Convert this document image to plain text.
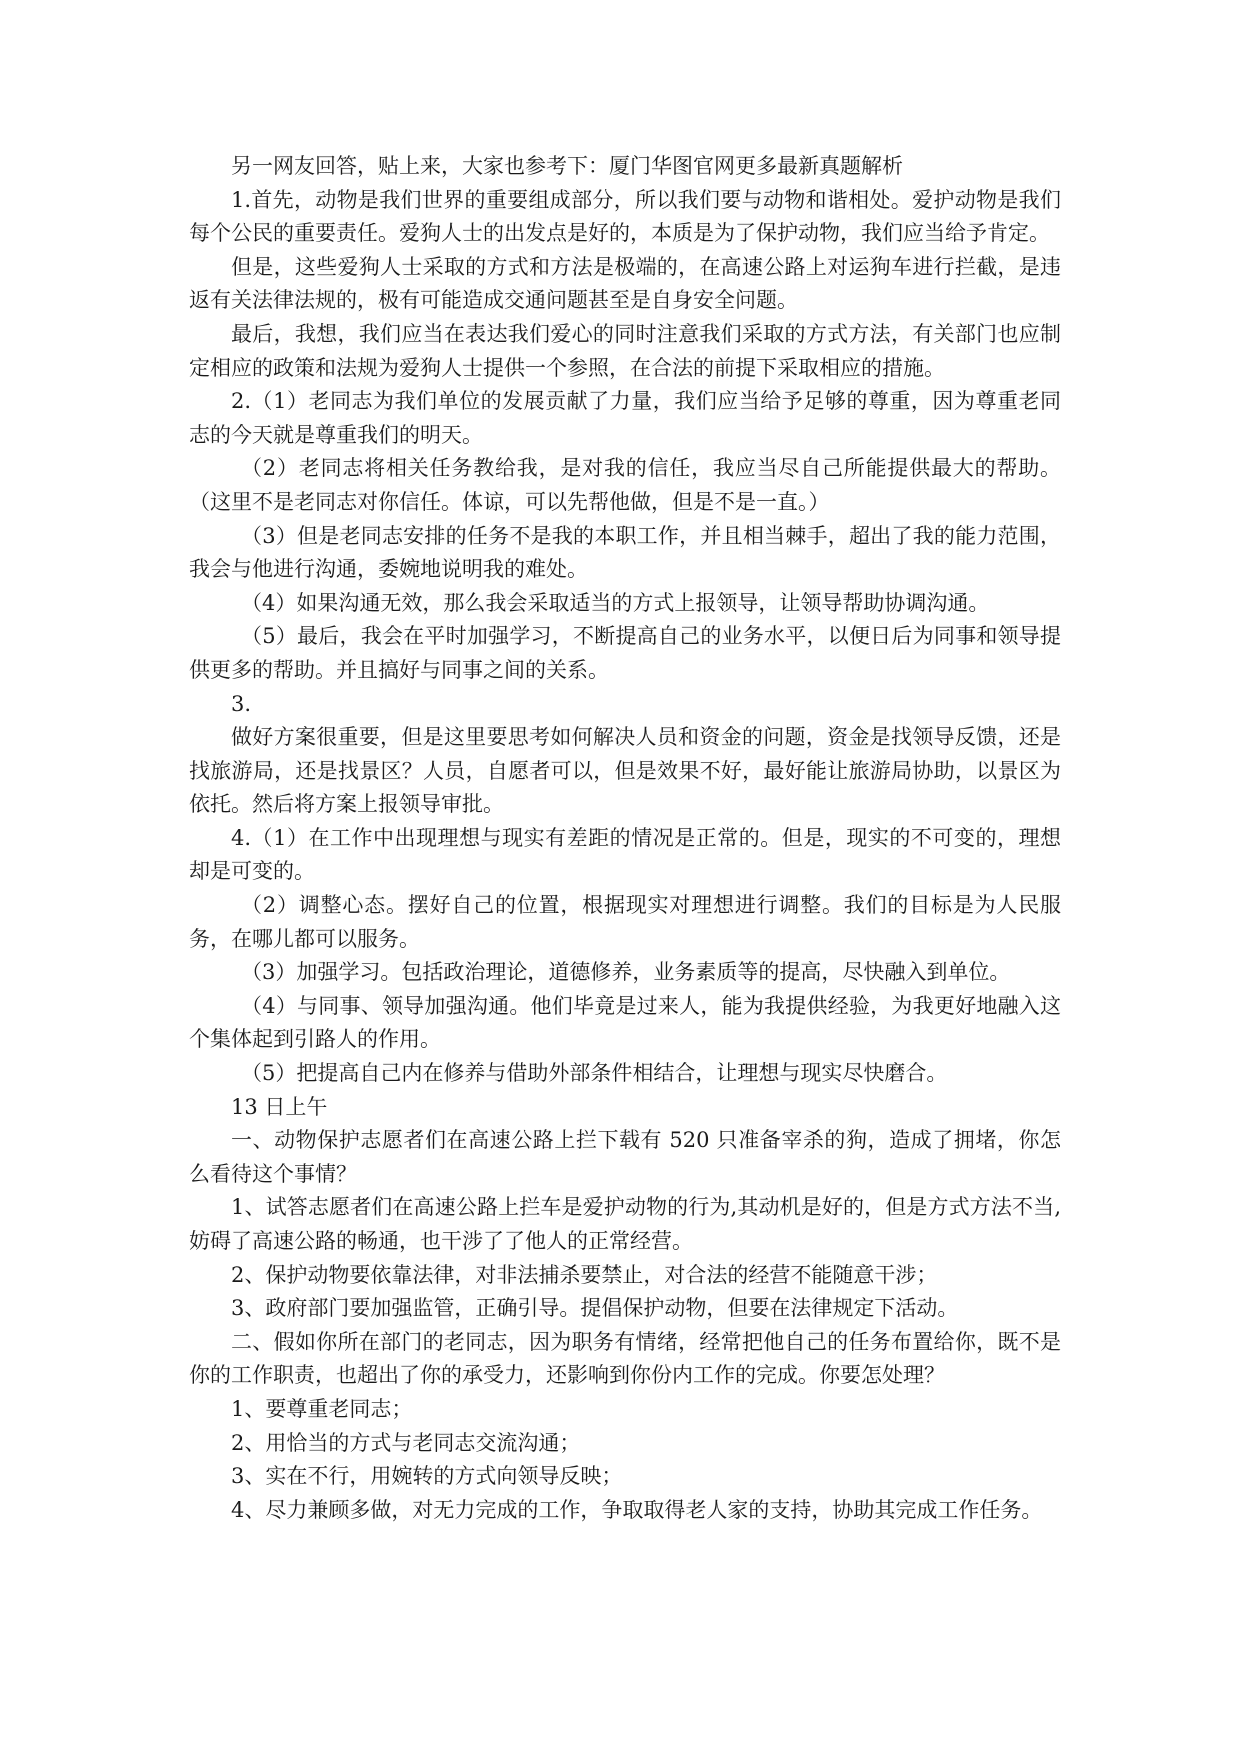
另一网友回答，贴上来，大家也参考下：厦门华图官网更多最新真题解析

1.首先，动物是我们世界的重要组成部分，所以我们要与动物和谐相处。爱护动物是我们每个公民的重要责任。爱狗人士的出发点是好的，本质是为了保护动物，我们应当给予肯定。

但是，这些爱狗人士采取的方式和方法是极端的，在高速公路上对运狗车进行拦截，是违返有关法律法规的，极有可能造成交通问题甚至是自身安全问题。

最后，我想，我们应当在表达我们爱心的同时注意我们采取的方式方法，有关部门也应制定相应的政策和法规为爱狗人士提供一个参照，在合法的前提下采取相应的措施。

2.（1）老同志为我们单位的发展贡献了力量，我们应当给予足够的尊重，因为尊重老同志的今天就是尊重我们的明天。

（2）老同志将相关任务教给我，是对我的信任，我应当尽自己所能提供最大的帮助。（这里不是老同志对你信任。体谅，可以先帮他做，但是不是一直。）

（3）但是老同志安排的任务不是我的本职工作，并且相当棘手，超出了我的能力范围，我会与他进行沟通，委婉地说明我的难处。

（4）如果沟通无效，那么我会采取适当的方式上报领导，让领导帮助协调沟通。

（5）最后，我会在平时加强学习，不断提高自己的业务水平，以便日后为同事和领导提供更多的帮助。并且搞好与同事之间的关系。

3.

做好方案很重要，但是这里要思考如何解决人员和资金的问题，资金是找领导反馈，还是找旅游局，还是找景区？人员，自愿者可以，但是效果不好，最好能让旅游局协助，以景区为依托。然后将方案上报领导审批。

4.（1）在工作中出现理想与现实有差距的情况是正常的。但是，现实的不可变的，理想却是可变的。

（2）调整心态。摆好自己的位置，根据现实对理想进行调整。我们的目标是为人民服务，在哪儿都可以服务。

（3）加强学习。包括政治理论，道德修养，业务素质等的提高，尽快融入到单位。

（4）与同事、领导加强沟通。他们毕竟是过来人，能为我提供经验，为我更好地融入这个集体起到引路人的作用。

（5）把提高自己内在修养与借助外部条件相结合，让理想与现实尽快磨合。

13 日上午

一、动物保护志愿者们在高速公路上拦下载有 520 只准备宰杀的狗，造成了拥堵，你怎么看待这个事情？

1、试答志愿者们在高速公路上拦车是爱护动物的行为,其动机是好的，但是方式方法不当,妨碍了高速公路的畅通，也干涉了了他人的正常经营。

2、保护动物要依靠法律，对非法捕杀要禁止，对合法的经营不能随意干涉；

3、政府部门要加强监管，正确引导。提倡保护动物，但要在法律规定下活动。

二、假如你所在部门的老同志，因为职务有情绪，经常把他自己的任务布置给你，既不是你的工作职责，也超出了你的承受力，还影响到你份内工作的完成。你要怎处理？

1、要尊重老同志；

2、用恰当的方式与老同志交流沟通；

3、实在不行，用婉转的方式向领导反映；

4、尽力兼顾多做，对无力完成的工作，争取取得老人家的支持，协助其完成工作任务。
